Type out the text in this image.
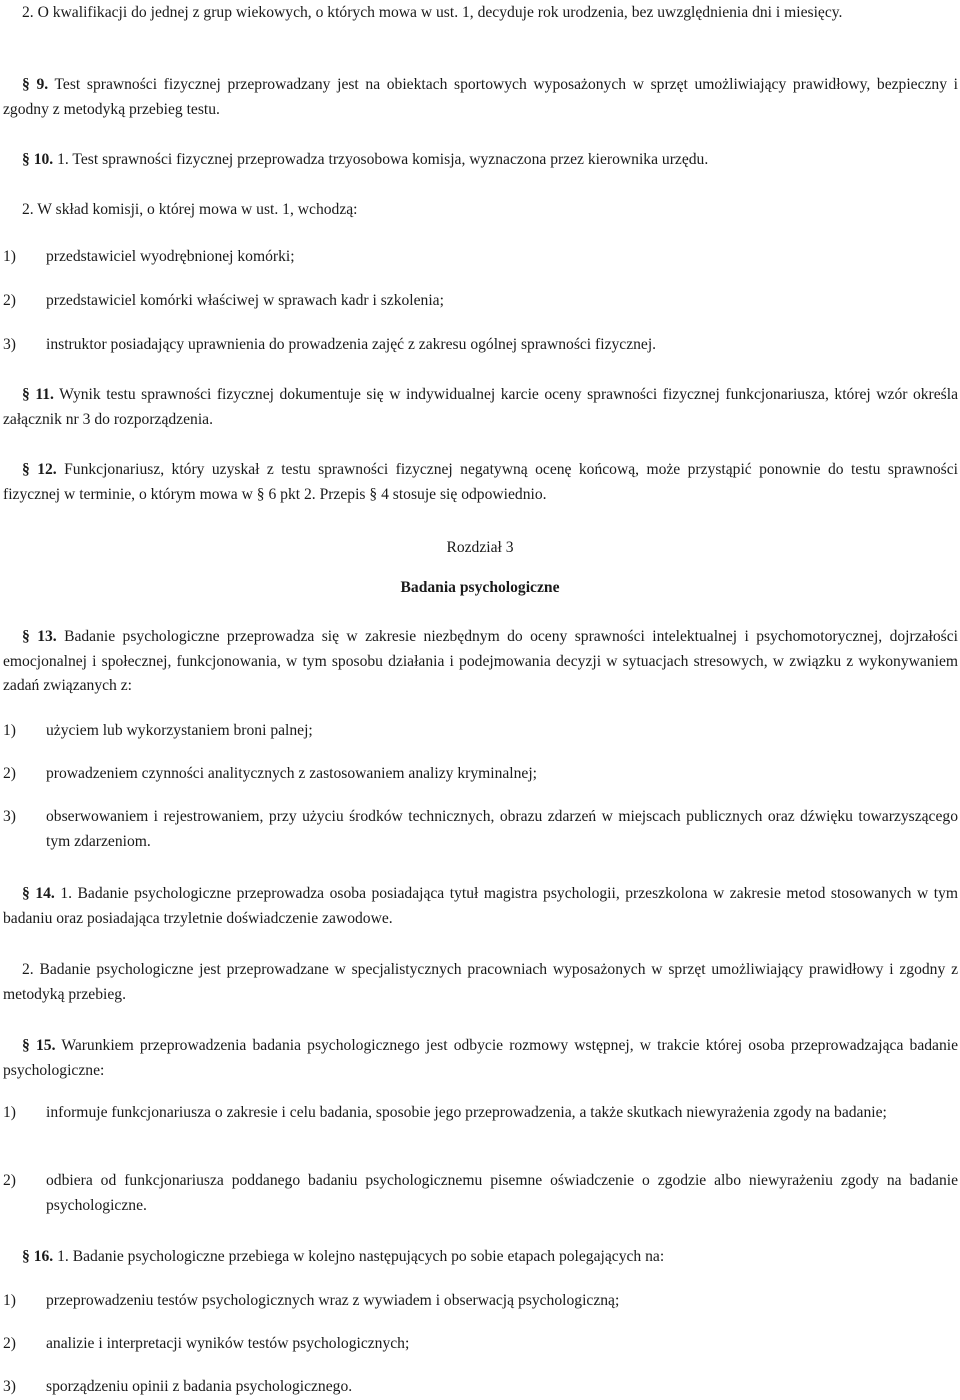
2. O kwalifikacji do jednej z grup wiekowych, o których mowa w ust. 1, decyduje rok urodzenia, bez uwzględnienia dni i miesięcy.

§ 9. Test sprawności fizycznej przeprowadzany jest na obiektach sportowych wyposażonych w sprzęt umożliwiający prawidłowy, bezpieczny i zgodny z metodyką przebieg testu.

§ 10. 1. Test sprawności fizycznej przeprowadza trzyosobowa komisja, wyznaczona przez kierownika urzędu.

2. W skład komisji, o której mowa w ust. 1, wchodzą:

1)	przedstawiciel wyodrębnionej komórki;
2)	przedstawiciel komórki właściwej w sprawach kadr i szkolenia;
3)	instruktor posiadający uprawnienia do prowadzenia zajęć z zakresu ogólnej sprawności fizycznej.

§ 11. Wynik testu sprawności fizycznej dokumentuje się w indywidualnej karcie oceny sprawności fizycznej funkcjonariusza, której wzór określa załącznik nr 3 do rozporządzenia.

§ 12. Funkcjonariusz, który uzyskał z testu sprawności fizycznej negatywną ocenę końcową, może przystąpić ponownie do testu sprawności fizycznej w terminie, o którym mowa w § 6 pkt 2. Przepis § 4 stosuje się odpowiednio.

Rozdział 3

Badania psychologiczne

§ 13. Badanie psychologiczne przeprowadza się w zakresie niezbędnym do oceny sprawności intelektualnej i psychomotorycznej, dojrzałości emocjonalnej i społecznej, funkcjonowania, w tym sposobu działania i podejmowania decyzji w sytuacjach stresowych, w związku z wykonywaniem zadań związanych z:

1)	użyciem lub wykorzystaniem broni palnej;
2)	prowadzeniem czynności analitycznych z zastosowaniem analizy kryminalnej;
3)	obserwowaniem i rejestrowaniem, przy użyciu środków technicznych, obrazu zdarzeń w miejscach publicznych oraz dźwięku towarzyszącego tym zdarzeniom.

§ 14. 1. Badanie psychologiczne przeprowadza osoba posiadająca tytuł magistra psychologii, przeszkolona w zakresie metod stosowanych w tym badaniu oraz posiadająca trzyletnie doświadczenie zawodowe.

2. Badanie psychologiczne jest przeprowadzane w specjalistycznych pracowniach wyposażonych w sprzęt umożliwiający prawidłowy i zgodny z metodyką przebieg.

§ 15. Warunkiem przeprowadzenia badania psychologicznego jest odbycie rozmowy wstępnej, w trakcie której osoba przeprowadzająca badanie psychologiczne:

1)	informuje funkcjonariusza o zakresie i celu badania, sposobie jego przeprowadzenia, a także skutkach niewyrażenia zgody na badanie;
2)	odbiera od funkcjonariusza poddanego badaniu psychologicznemu pisemne oświadczenie o zgodzie albo niewyrażeniu zgody na badanie psychologiczne.

§ 16. 1. Badanie psychologiczne przebiega w kolejno następujących po sobie etapach polegających na:

1)	przeprowadzeniu testów psychologicznych wraz z wywiadem i obserwacją psychologiczną;
2)	analizie i interpretacji wyników testów psychologicznych;
3)	sporządzeniu opinii z badania psychologicznego.
